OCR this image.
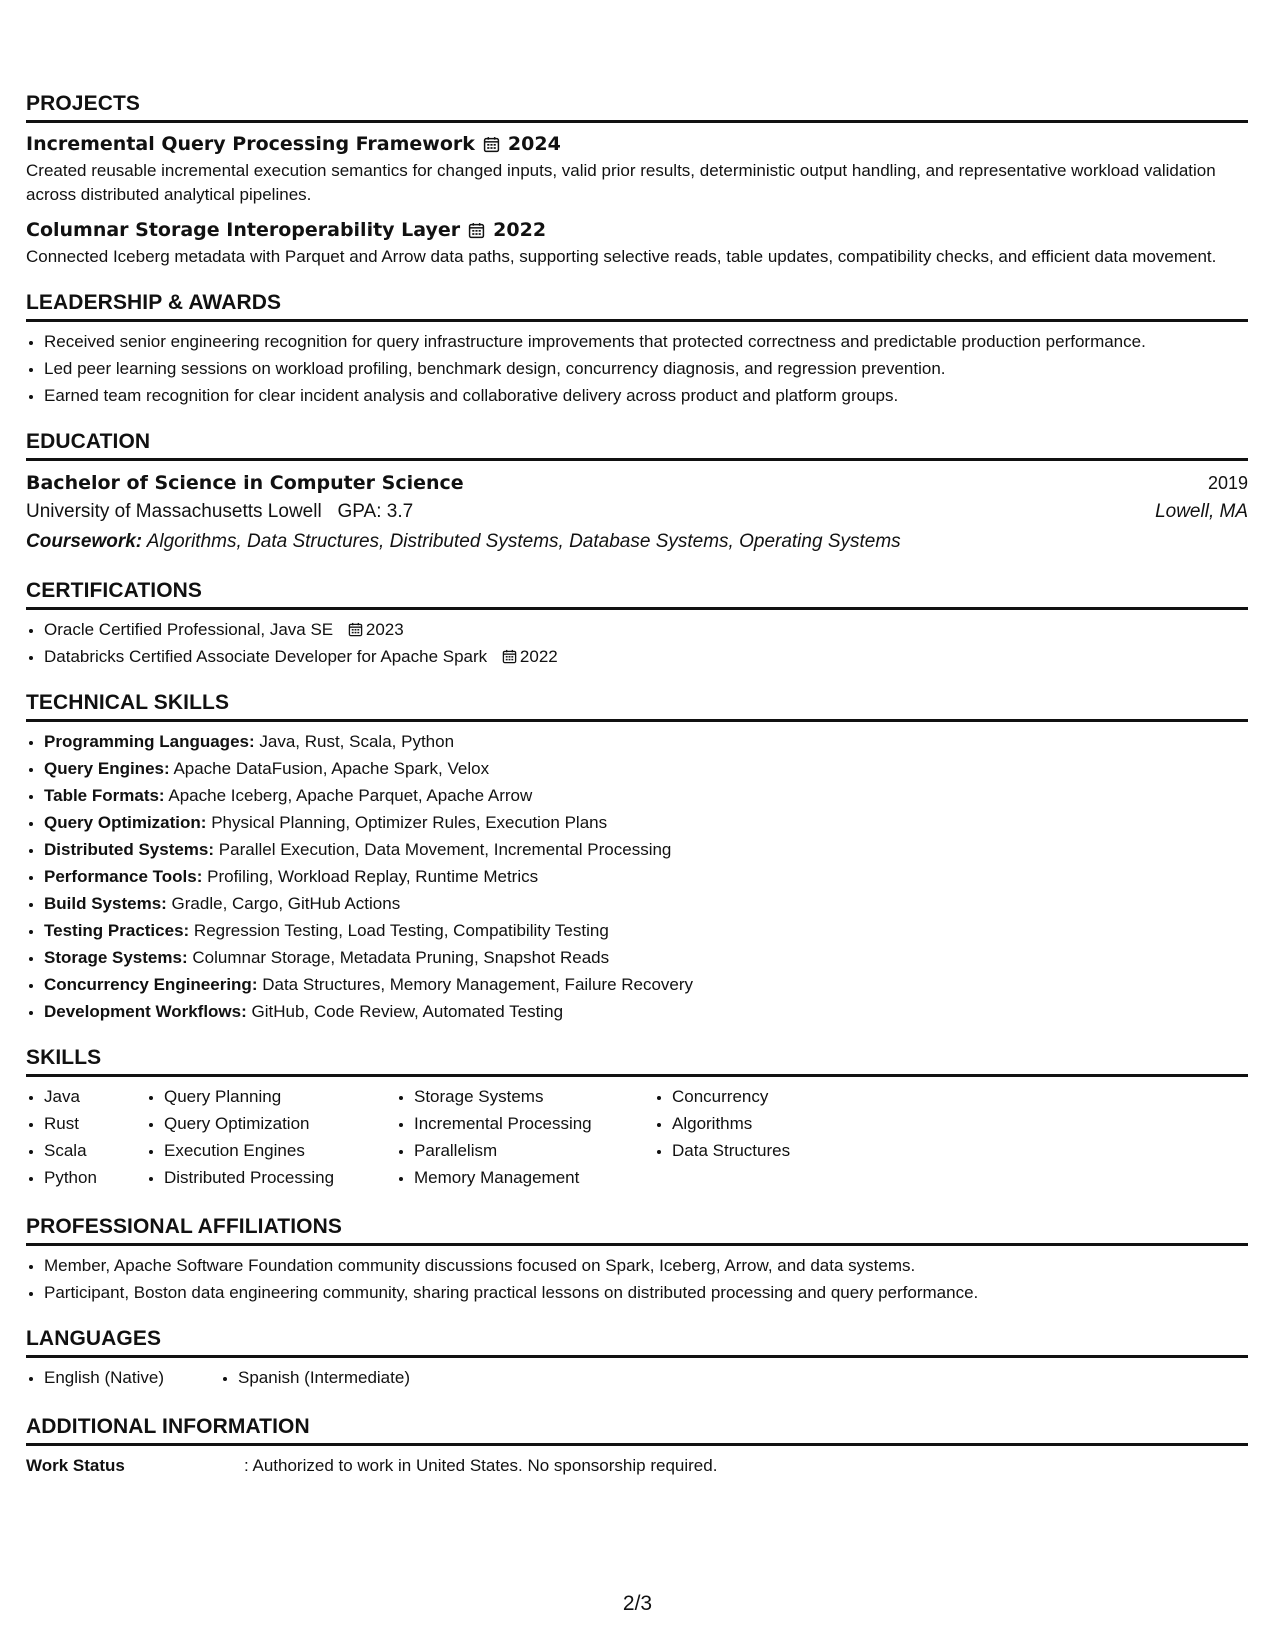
PROJECTS
Incremental Query Processing Framework 2024
Created reusable incremental execution semantics for changed inputs, valid prior results, deterministic output handling, and representative workload validation across distributed analytical pipelines.
Columnar Storage Interoperability Layer 2022
Connected Iceberg metadata with Parquet and Arrow data paths, supporting selective reads, table updates, compatibility checks, and efficient data movement.
LEADERSHIP & AWARDS
• Received senior engineering recognition for query infrastructure improvements that protected correctness and predictable production performance.
• Led peer learning sessions on workload profiling, benchmark design, concurrency diagnosis, and regression prevention.
• Earned team recognition for clear incident analysis and collaborative delivery across product and platform groups.
EDUCATION
Bachelor of Science in Computer Science	2019
University of Massachusetts Lowell GPA: 3.7	Lowell, MA
Coursework: Algorithms, Data Structures, Distributed Systems, Database Systems, Operating Systems
CERTIFICATIONS
• Oracle Certified Professional, Java SE 2023
• Databricks Certified Associate Developer for Apache Spark 2022
TECHNICAL SKILLS
• Programming Languages: Java, Rust, Scala, Python
• Query Engines: Apache DataFusion, Apache Spark, Velox
• Table Formats: Apache Iceberg, Apache Parquet, Apache Arrow
• Query Optimization: Physical Planning, Optimizer Rules, Execution Plans
• Distributed Systems: Parallel Execution, Data Movement, Incremental Processing
• Performance Tools: Profiling, Workload Replay, Runtime Metrics
• Build Systems: Gradle, Cargo, GitHub Actions
• Testing Practices: Regression Testing, Load Testing, Compatibility Testing
• Storage Systems: Columnar Storage, Metadata Pruning, Snapshot Reads
• Concurrency Engineering: Data Structures, Memory Management, Failure Recovery
• Development Workflows: GitHub, Code Review, Automated Testing
SKILLS
• Java
• Rust
• Scala
• Python
• Query Planning
• Query Optimization
• Execution Engines
• Distributed Processing
• Storage Systems
• Incremental Processing
• Parallelism
• Memory Management
• Concurrency
• Algorithms
• Data Structures
PROFESSIONAL AFFILIATIONS
• Member, Apache Software Foundation community discussions focused on Spark, Iceberg, Arrow, and data systems.
• Participant, Boston data engineering community, sharing practical lessons on distributed processing and query performance.
LANGUAGES
• English (Native)
•	Spanish (Intermediate)
ADDITIONAL INFORMATION
Work Status	: Authorized to work in United States. No sponsorship required.
2/3
